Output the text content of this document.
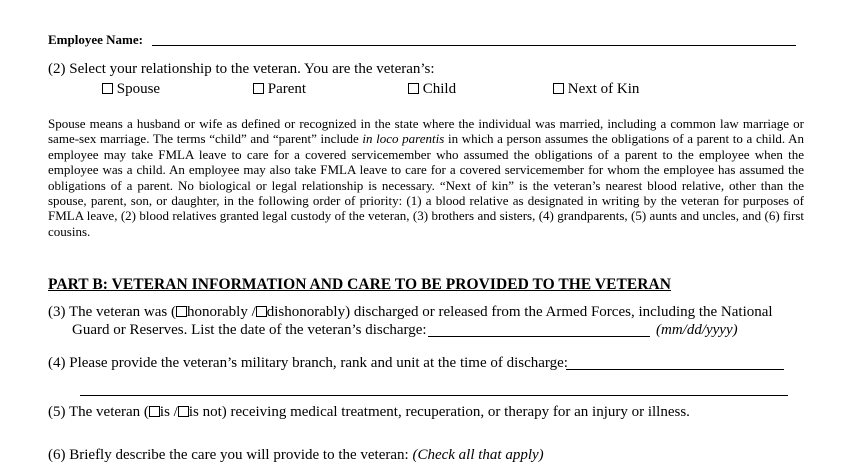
Employee Name:
(2) Select your relationship to the veteran. You are the veteran’s:
Spouse	Parent	Child	Next of Kin
Spouse means a husband or wife as defined or recognized in the state where the individual was married, including a common law marriage or same-sex marriage. The terms “child” and “parent” include in loco parentis in which a person assumes the obligations of a parent to a child. An employee may take FMLA leave to care for a covered servicemember who assumed the obligations of a parent to the employee when the employee was a child. An employee may also take FMLA leave to care for a covered servicemember for whom the employee has assumed the obligations of a parent. No biological or legal relationship is necessary. “Next of kin” is the veteran’s nearest blood relative, other than the spouse, parent, son, or daughter, in the following order of priority: (1) a blood relative as designated in writing by the veteran for purposes of FMLA leave, (2) blood relatives granted legal custody of the veteran, (3) brothers and sisters, (4) grandparents, (5) aunts and uncles, and (6) first cousins.
PART B: VETERAN INFORMATION AND CARE TO BE PROVIDED TO THE VETERAN
(3) The veteran was ( honorably / dishonorably) discharged or released from the Armed Forces, including the National
Guard or Reserves. List the date of the veteran’s discharge:	(mm/dd/yyyy)
(4) Please provide the veteran’s military branch, rank and unit at the time of discharge:
(5) The veteran ( is / is not) receiving medical treatment, recuperation, or therapy for an injury or illness.
(6) Briefly describe the care you will provide to the veteran: (Check all that apply)
